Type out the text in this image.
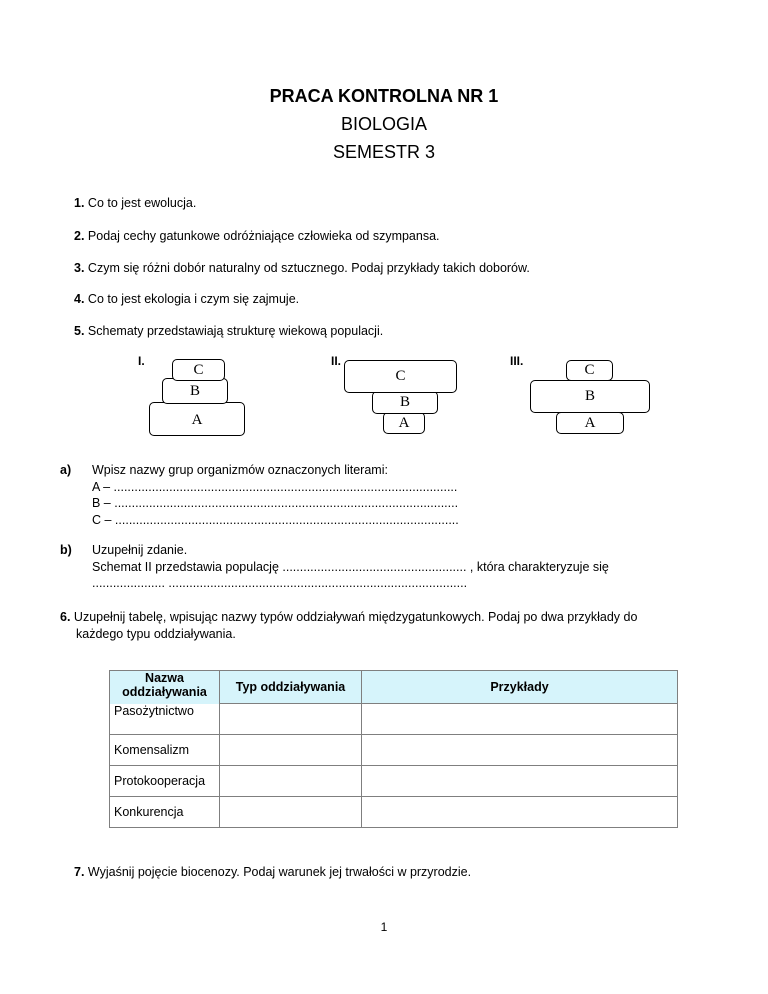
PRACA KONTROLNA NR 1
BIOLOGIA
SEMESTR 3
1. Co to jest ewolucja.
2. Podaj cechy gatunkowe odróżniające człowieka od szympansa.
3. Czym się różni dobór naturalny od sztucznego. Podaj przykłady takich doborów.
4. Co to jest ekologia i czym się zajmuje.
5. Schematy przedstawiają strukturę wiekową populacji.
I.
A
B
C
II.
A
B
C
III.
A
B
C
a) Wpisz nazwy grup organizmów oznaczonych literami:
A – ...................................................................................................
B – ...................................................................................................
C – ...................................................................................................
b) Uzupełnij zdanie.
Schemat II przedstawia populację ..................................................... , która charakteryzuje się
..................... ......................................................................................
6. Uzupełnij tabelę, wpisując nazwy typów oddziaływań międzygatunkowych. Podaj po dwa przykłady do
każdego typu oddziaływania.
Nazwa
oddziaływania	Typ oddziaływania	Przykłady
Pasożytnictwo		
Komensalizm		
Protokooperacja		
Konkurencja		
7. Wyjaśnij pojęcie biocenozy. Podaj warunek jej trwałości w przyrodzie.
1
